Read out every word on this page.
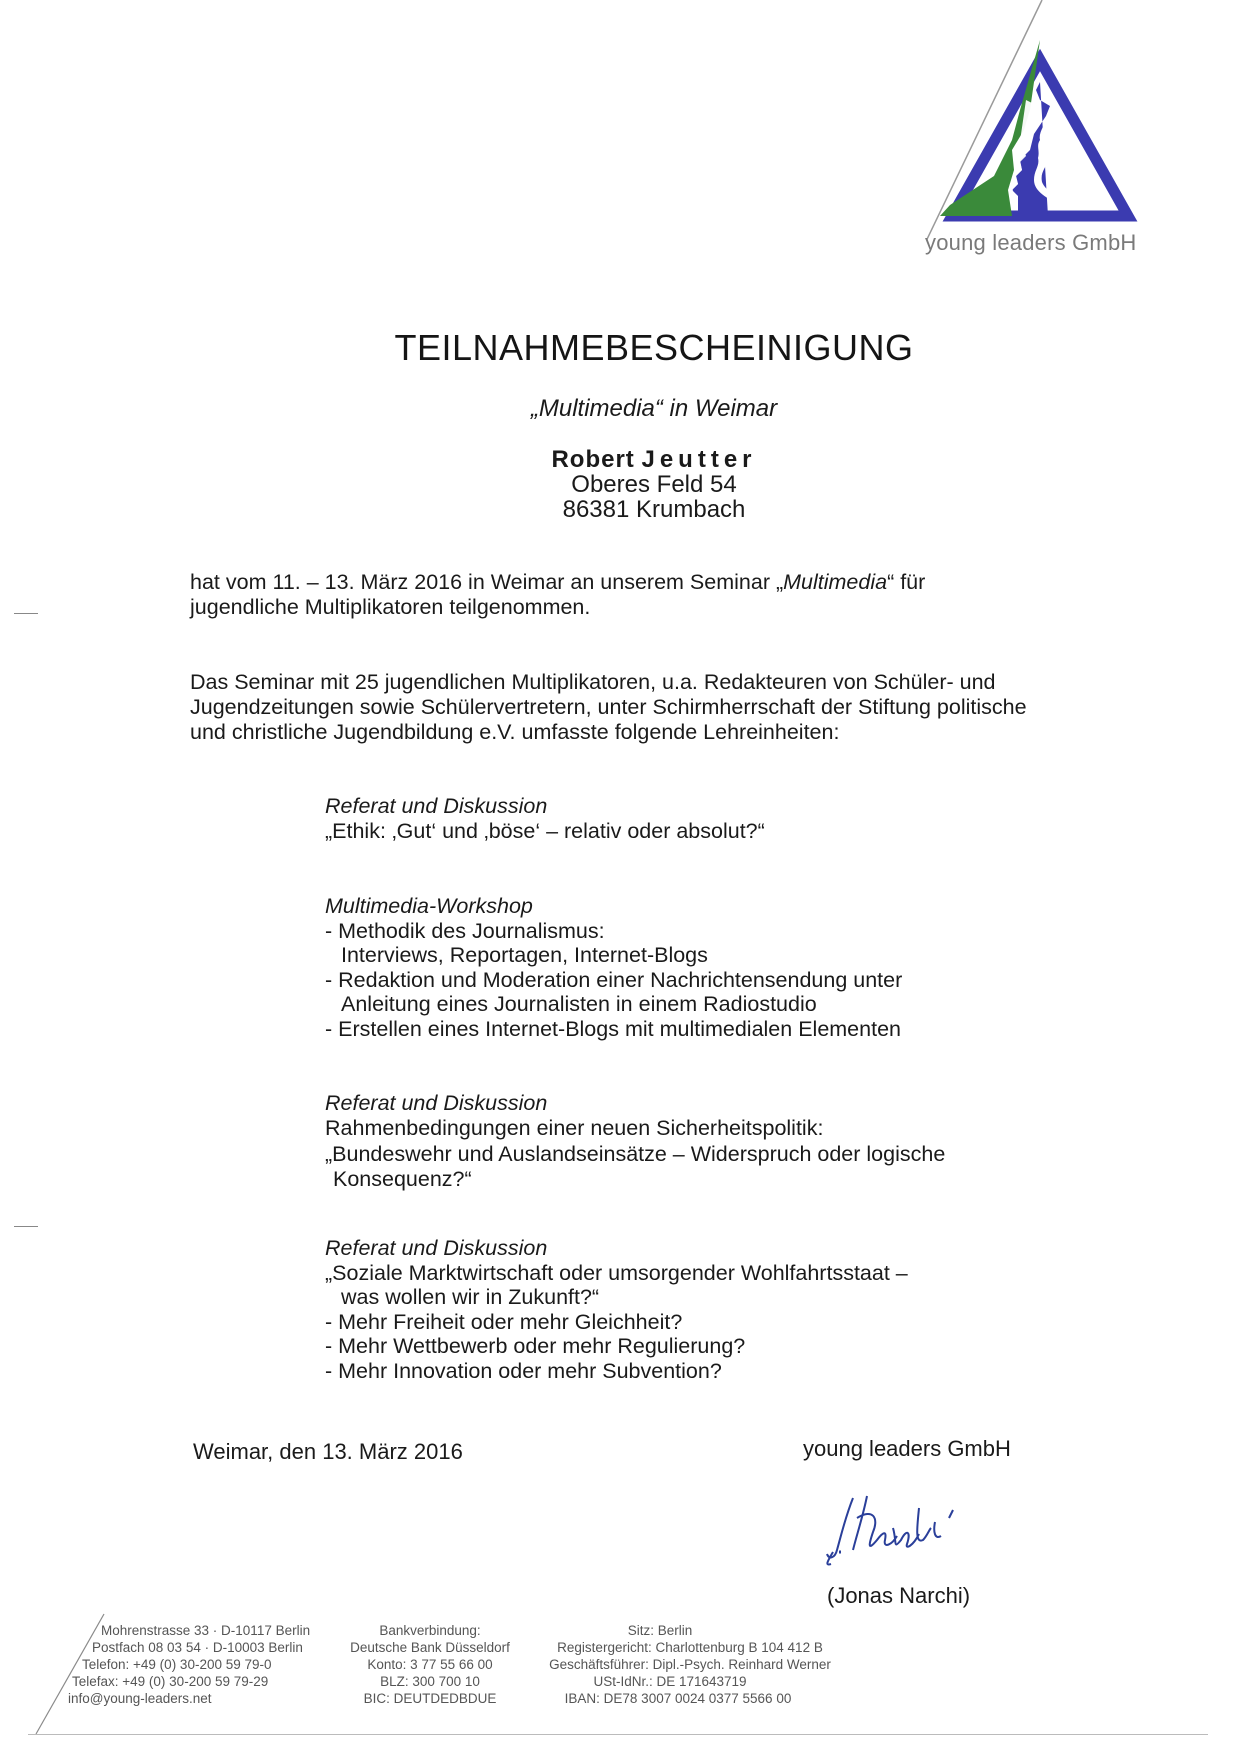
young leaders GmbH
TEILNAHMEBESCHEINIGUNG
„Multimedia“ in Weimar
Robert Jeutter
Oberes Feld 54
86381 Krumbach
hat vom 11. – 13. März 2016 in Weimar an unserem Seminar „Multimedia“ für
jugendliche Multiplikatoren teilgenommen.
Das Seminar mit 25 jugendlichen Multiplikatoren, u.a. Redakteuren von Schüler- und
Jugendzeitungen sowie Schülervertretern, unter Schirmherrschaft der Stiftung politische
und christliche Jugendbildung e.V. umfasste folgende Lehreinheiten:
Referat und Diskussion
„Ethik: ‚Gut‘ und ‚böse‘ – relativ oder absolut?“
Multimedia-Workshop
- Methodik des Journalismus:
Interviews, Reportagen, Internet-Blogs
- Redaktion und Moderation einer Nachrichtensendung unter
Anleitung eines Journalisten in einem Radiostudio
- Erstellen eines Internet-Blogs mit multimedialen Elementen
Referat und Diskussion
Rahmenbedingungen einer neuen Sicherheitspolitik:
„Bundeswehr und Auslandseinsätze – Widerspruch oder logische
Konsequenz?“
Referat und Diskussion
„Soziale Marktwirtschaft oder umsorgender Wohlfahrtsstaat –
was wollen wir in Zukunft?“
- Mehr Freiheit oder mehr Gleichheit?
- Mehr Wettbewerb oder mehr Regulierung?
- Mehr Innovation oder mehr Subvention?
Weimar, den 13. März 2016	young leaders GmbH
(Jonas Narchi)
Mohrenstrasse 33 · D-10117 Berlin
Postfach 08 03 54 · D-10003 Berlin
Telefon: +49 (0) 30-200 59 79-0
Telefax: +49 (0) 30-200 59 79-29
info@young-leaders.net
Bankverbindung:
Deutsche Bank Düsseldorf
Konto: 3 77 55 66 00
BLZ: 300 700 10
BIC: DEUTDEDBDUE
Sitz: Berlin
Registergericht: Charlottenburg B 104 412 B
Geschäftsführer: Dipl.-Psych. Reinhard Werner
USt-IdNr.: DE 171643719
IBAN: DE78 3007 0024 0377 5566 00
